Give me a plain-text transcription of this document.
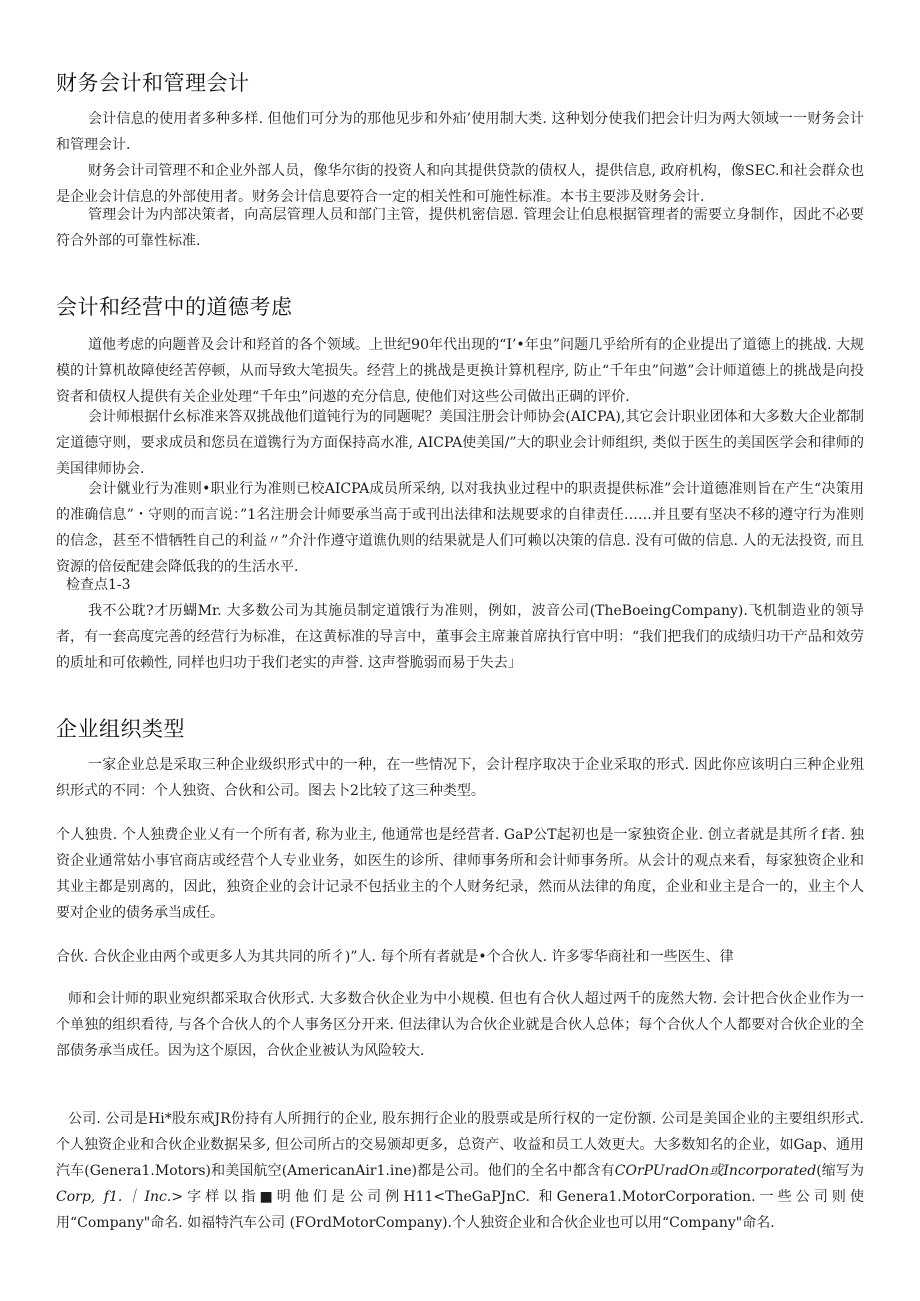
财务会计和管理会计

会计信息的使用者多种多样. 但他们可分为的那他见步和外疝’使用制大类. 这种划分使我们把会计归为两大领域一一财务会计和管理会计.

财务会计司管理不和企业外部人员，像华尔街的投资人和向其提供贷款的债权人，提供信息, 政府机构，像SEC.和社会群众也是企业会计信息的外部使用者。财务会计信息要符合一定的相关性和可施性标准。本书主要涉及财务会计.

管理会计为内部决策者，向高层管理人员和部门主管，提供机密信恩. 管理会让伯息根据管理者的需要立身制作，因此不必要符合外部的可靠性标准.

会计和经营中的道德考虑

道他考虑的向题普及会计和羟首的各个领域。上世纪90年代出现的“I’•年虫”问题几乎给所有的企业提出了道德上的挑战. 大规模的计算机故障使经苦停顿，从而导致大笔损失。经营上的挑战是更换计算机程序, 防止“千年虫”问遨”会计师道德上的挑战是向投资者和债权人提供有关企业处理“千年虫”问遨的充分信息, 使他们对这些公司做出正碉的评价.

会计师根据什幺标准来答双挑战他们道钝行为的同题呢？美国注册会计师协会(AICPA),其它会计职业团体和大多数大企业都制定道德守则，要求成员和您员在道镌行为方面保持高水准, AICPA使美国∕”大的职业会计师组织, 类似于医生的美国医学会和律师的美国律师协会.

会计僦业行为准则•职业行为准则已校AICPA成员所采纳, 以对我执业过程中的职责提供标准”会计道德准则旨在产生“决策用的准确信息”・守则的而言说：”1名注册会计师要承当高于或刊出法律和法规要求的自律责任……并且要有坚决不移的遵守行为准则的信念，甚至不惜牺牲自己的利益〃”介汁作遵守道谯仇则的结果就是人们可赖以决策的信息. 没有可做的信息. 人的无法投资, 而且资源的倍佞配建会降低我的的生活水平.

检查点1-3

我不公耽?才历蝴Mr. 大多数公司为其施员制定道饿行为准则，例如，波音公司(TheBoeingCompany).飞机制造业的领导者，有一套高度完善的经营行为标准，在这黄标准的导言中，董事会主席兼首席执行官中明：“我们把我们的成绩归功干产品和效劳的质址和可依赖性, 同样也归功于我们老实的声誉. 这声誉脆弱而易于失去」

企业组织类型

一家企业总是采取三种企业级织形式中的一种，在一些情况下，会计程序取决于企业采取的形式. 因此你应该明白三种企业殂织形式的不同：个人独资、合伙和公司。图去卜2比较了这三种类型。

个人独贵. 个人独费企业乂有一个所有者, 称为业主, 他通常也是经营者. GaP公T起初也是一家独资企业. 创立者就是其所彳f者. 独资企业通常姑小事官商店或经营个人专业业务，如医生的诊所、律师事务所和会计师事务所。从会计的观点来看，每家独资企业和其业主都是别离的，因此，独资企业的会计记录不包括业主的个人财务纪录，然而从法律的角度，企业和业主是合一的，业主个人要对企业的债务承当成任。

合伙. 合伙企业由两个或更多人为其共同的所彳)”人. 每个所有者就是•个合伙人. 许多零华商社和一些医生、律

师和会计师的职业宛织都采取合伙形式. 大多数合伙企业为中小规模. 但也有合伙人超过两千的庞然大物. 会计把合伙企业作为一个单独的组织看待, 与各个合伙人的个人事务区分开来. 但法律认为合伙企业就是合伙人总体；每个合伙人个人都要对合伙企业的全部债务承当成任。因为这个原因，合伙企业被认为风险较大.

公司. 公司是Hi*股东戒JR份持有人所拥行的企业, 股东拥行企业的股票或是所行权的一定份额. 公司是美国企业的主要组织形式. 个人独资企业和合伙企业数据呆多, 但公司所占的交易颁却更多，总资产、收益和员工人效更大。大多数知名的企业，如Gap、通用汽车(Genera1.Motors)和美国航空(AmericanAir1.ine)都是公司。他们的全名中都含有COrPUradOn或Incorporated(缩写为Corp, f1.｜Inc.>字样以指■明他们是公司例H11<TheGaPJnC. 和Genera1.MotorCorporation.一些公司则使用“Company"命名. 如福特汽车公司 (FOrdMotorCompany).个人独资企业和合伙企业也可以用“Company"命名.
